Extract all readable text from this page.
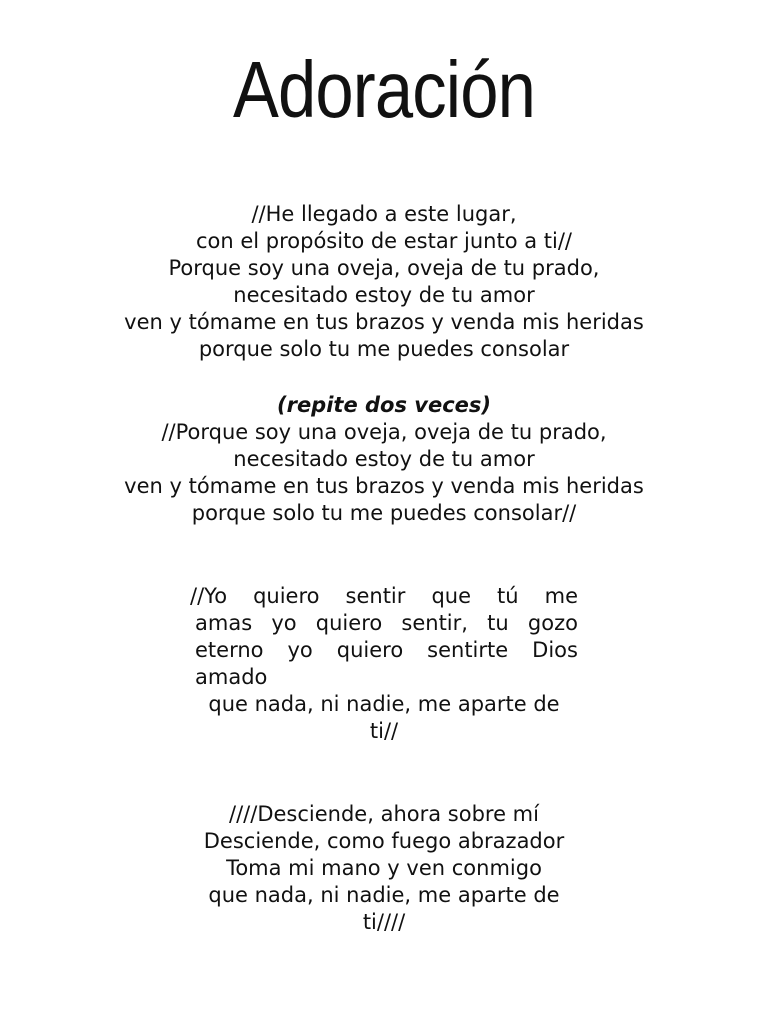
Adoración
//He llegado a este lugar,
con el propósito de estar junto a ti//
Porque soy una oveja, oveja de tu prado,
necesitado estoy de tu amor
ven y tómame en tus brazos y venda mis heridas
porque solo tu me puedes consolar
(repite dos veces)
//Porque soy una oveja, oveja de tu prado,
necesitado estoy de tu amor
ven y tómame en tus brazos y venda mis heridas
porque solo tu me puedes consolar//
//Yo quiero sentir que tú me
amas yo quiero sentir, tu gozo
eterno yo quiero sentirte Dios
amado
que nada, ni nadie, me aparte de
ti//
////Desciende, ahora sobre mí
Desciende, como fuego abrazador
Toma mi mano y ven conmigo
que nada, ni nadie, me aparte de
ti////
